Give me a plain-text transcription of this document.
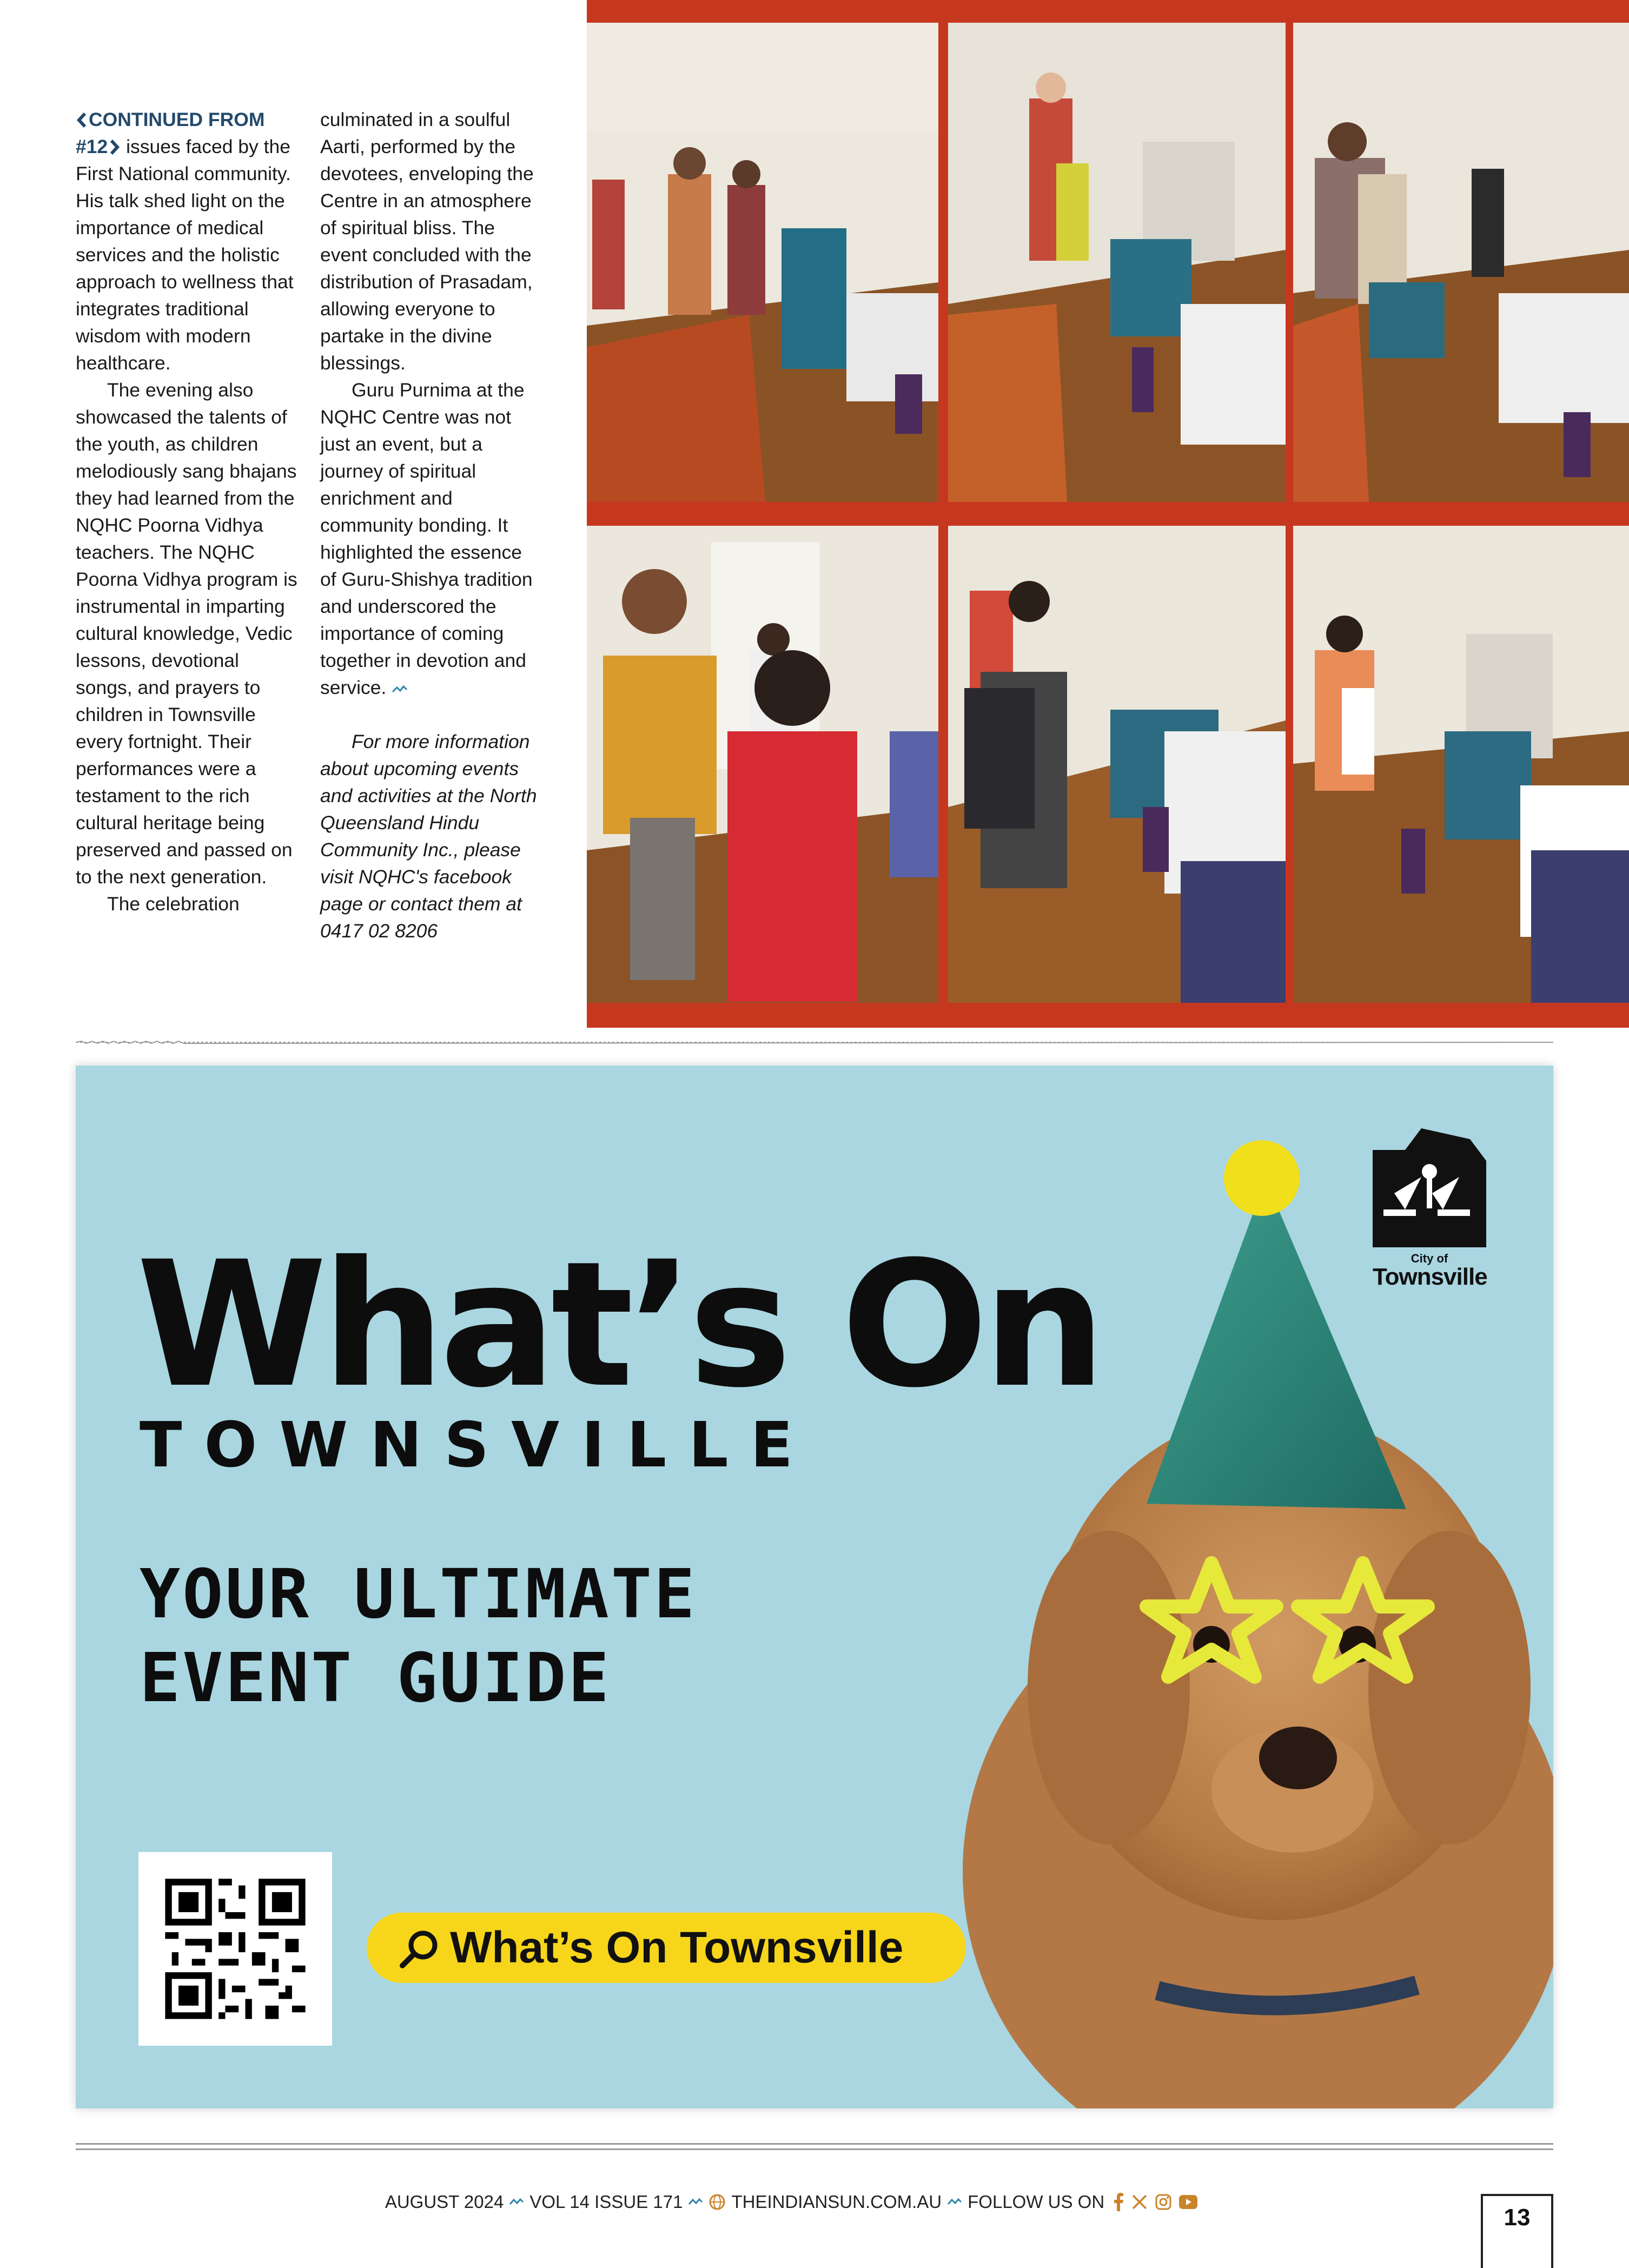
CONTINUED FROM
#12 issues faced by the First National community. His talk shed light on the importance of medical services and the holistic approach to wellness that integrates traditional wisdom with modern healthcare.

The evening also showcased the talents of the youth, as children melodiously sang bhajans they had learned from the NQHC Poorna Vidhya teachers. The NQHC Poorna Vidhya program is instrumental in imparting cultural knowledge, Vedic lessons, devotional songs, and prayers to children in Townsville every fortnight. Their performances were a testament to the rich cultural heritage being preserved and passed on to the next generation.

The celebration

culminated in a soulful Aarti, performed by the devotees, enveloping the Centre in an atmosphere of spiritual bliss. The event concluded with the distribution of Prasadam, allowing everyone to partake in the divine blessings.

Guru Purnima at the NQHC Centre was not just an event, but a journey of spiritual enrichment and community bonding. It highlighted the essence of Guru-Shishya tradition and underscored the importance of coming together in devotion and service.

For more information about upcoming events and activities at the North Queensland Hindu Community Inc., please visit NQHC's facebook page or contact them at 0417 02 8206

What’s On
TOWNSVILLE
YOUR ULTIMATE
EVENT GUIDE
What’s On Townsville
City of
Townsville
AUGUST 2024 VOL 14 ISSUE 171	THEINDIANSUN.COM.AU FOLLOW US ON
13
